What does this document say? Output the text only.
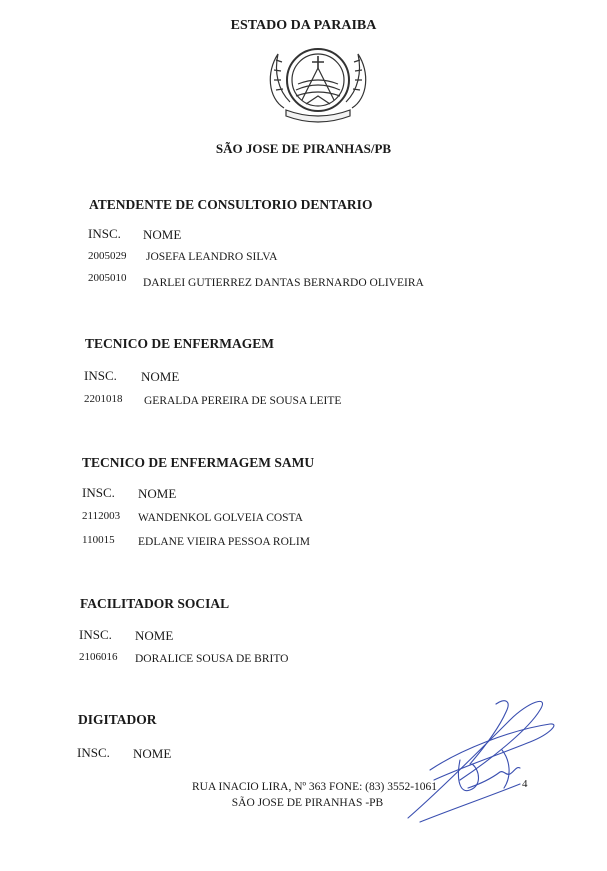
ESTADO DA PARAIBA
SÃO JOSE DE PIRANHAS/PB
ATENDENTE DE CONSULTORIO DENTARIO
INSC. NOME
2005029 JOSEFA LEANDRO SILVA
2005010 DARLEI GUTIERREZ DANTAS BERNARDO OLIVEIRA
TECNICO DE ENFERMAGEM
INSC. NOME
2201018 GERALDA PEREIRA DE SOUSA LEITE
TECNICO DE ENFERMAGEM SAMU
INSC. NOME
2112003 WANDENKOL GOLVEIA COSTA
110015 EDLANE VIEIRA PESSOA ROLIM
FACILITADOR SOCIAL
INSC. NOME
2106016 DORALICE SOUSA DE BRITO
DIGITADOR
INSC. NOME
RUA INACIO LIRA, Nº 363 FONE: (83) 3552-1061
SÃO JOSE DE PIRANHAS -PB
4
